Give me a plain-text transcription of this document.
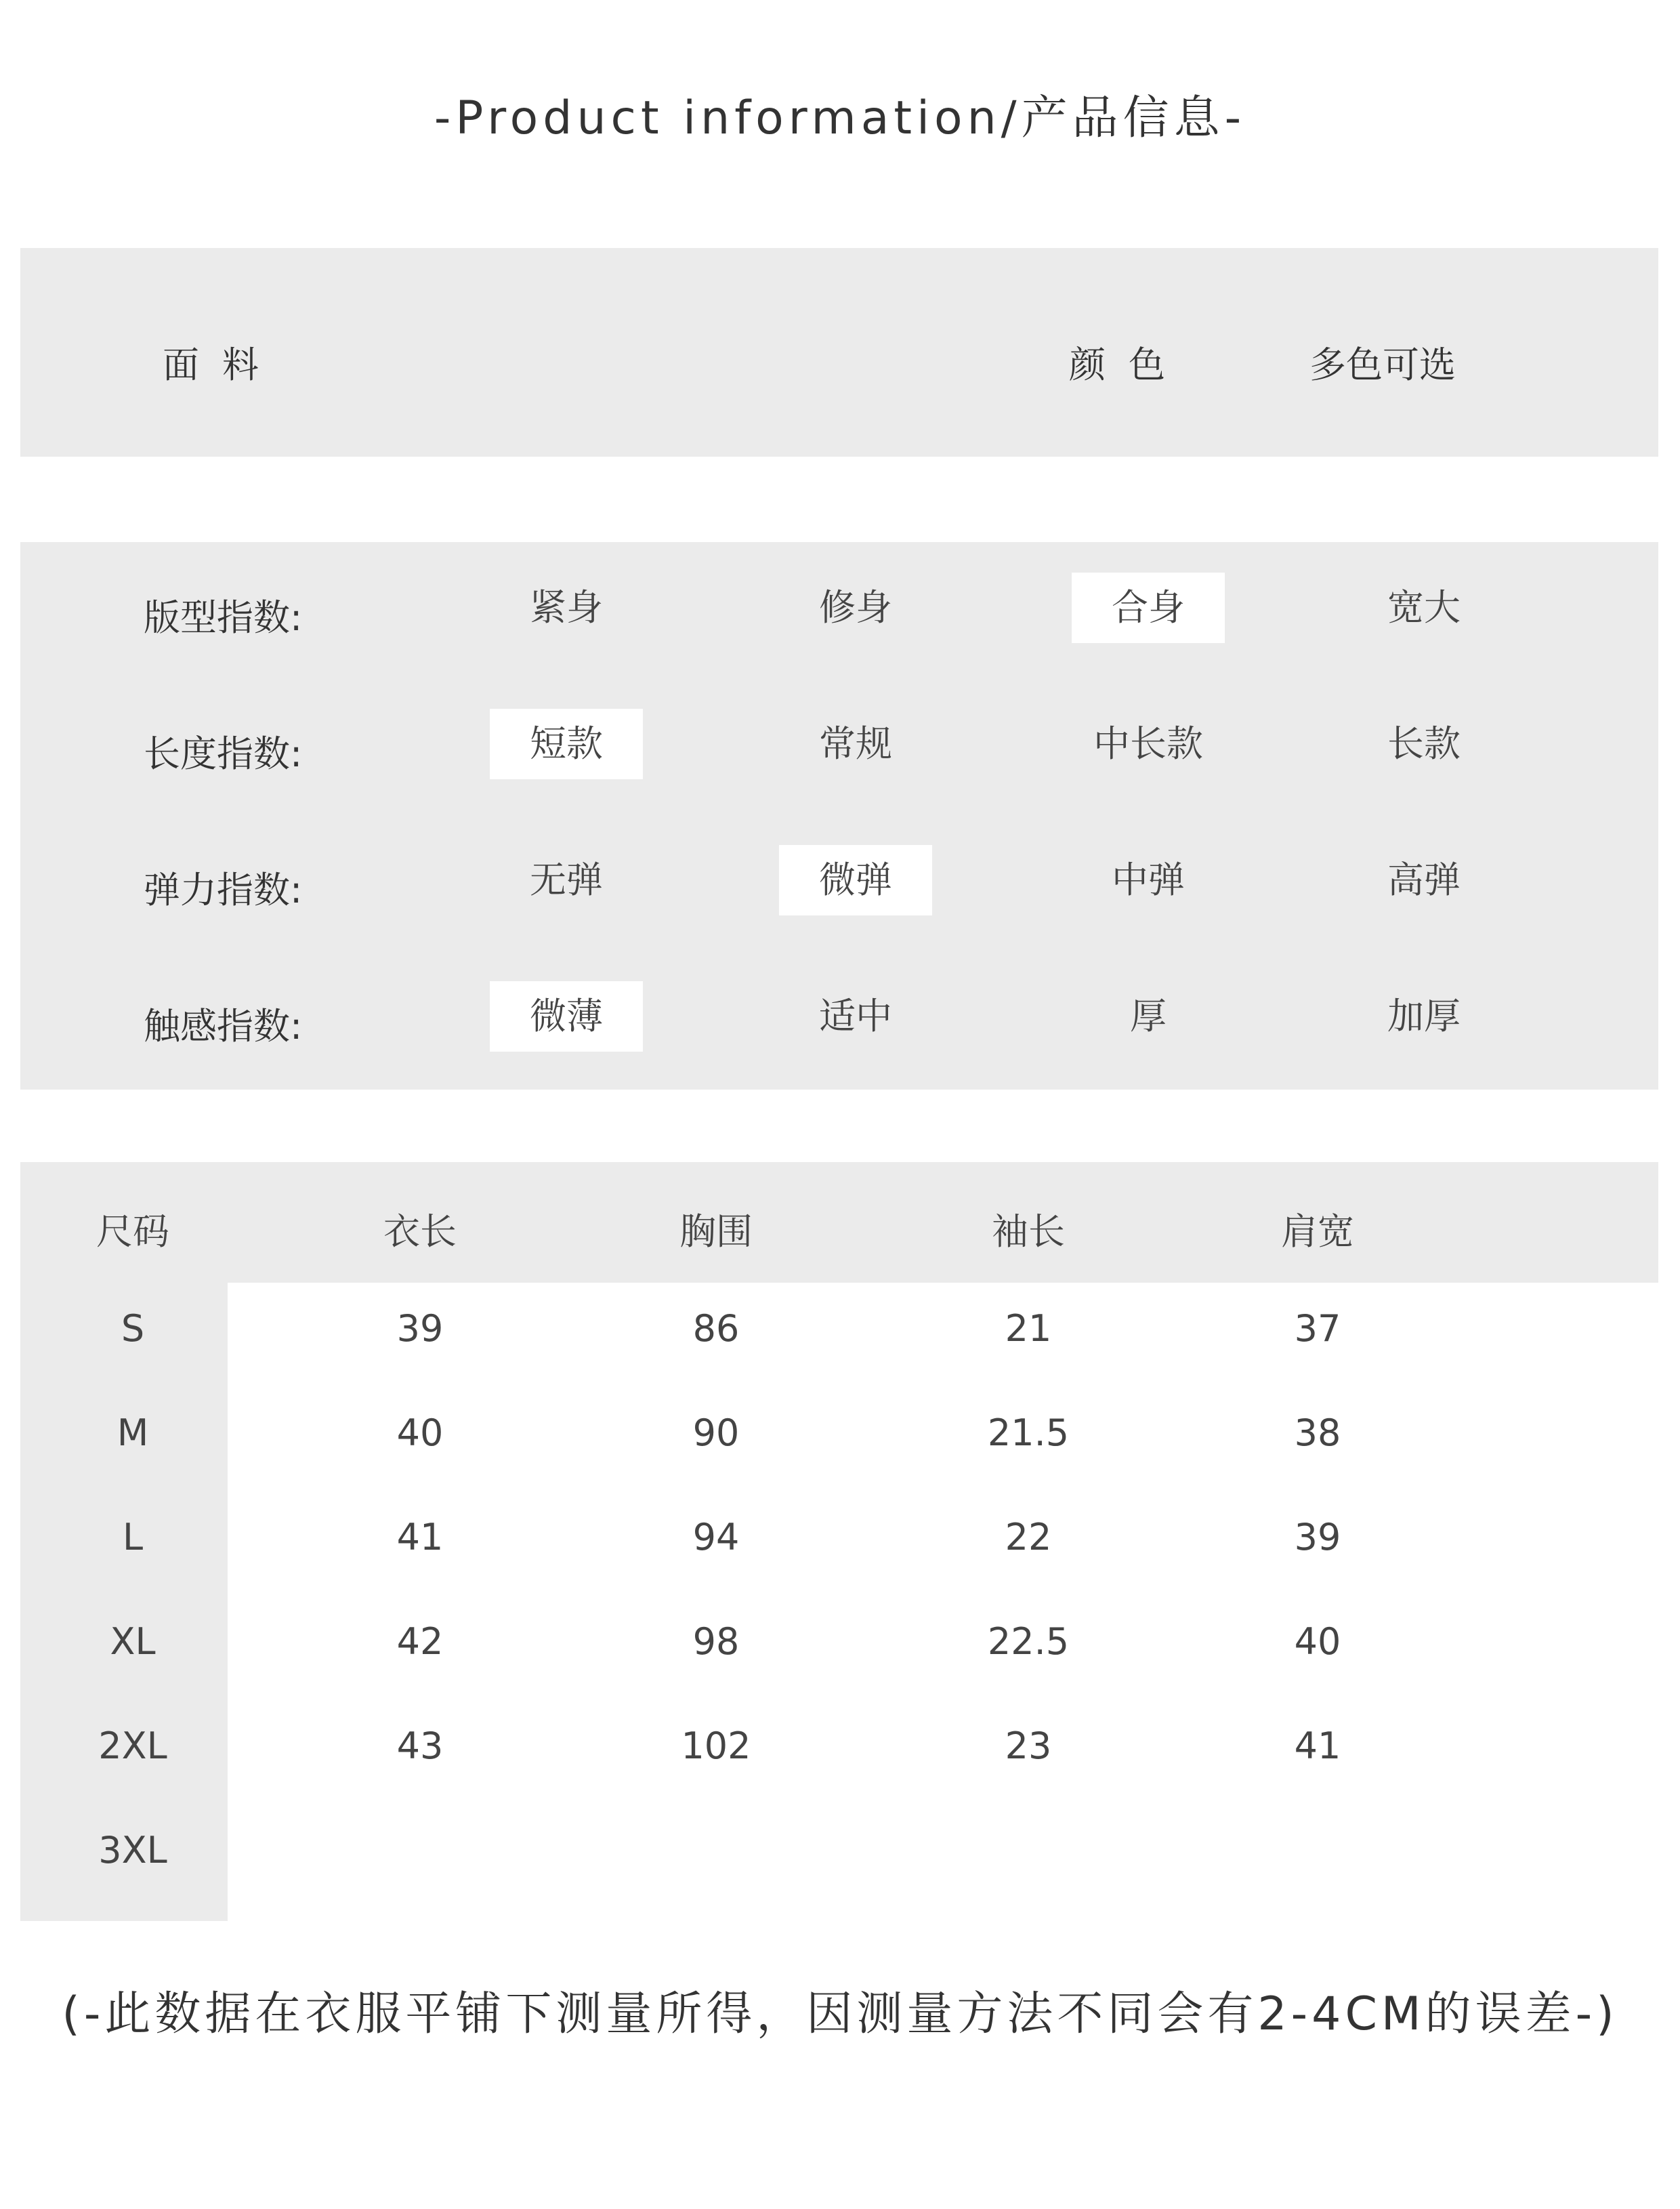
-Product information/产品信息-
面料	颜色	多色可选
版型指数:	紧身	修身	合身	宽大
长度指数:	短款	常规	中长款	长款
弹力指数:	无弹	微弹	中弹	高弹
触感指数:	微薄	适中	厚	加厚
尺码	衣长	胸围	袖长	肩宽
S	39	86	21	37
M	40	90	21.5	38
L	41	94	22	39
XL	42	98	22.5	40
2XL	43	102	23	41
3XL
(-此数据在衣服平铺下测量所得，因测量方法不同会有2-4CM的误差-)
